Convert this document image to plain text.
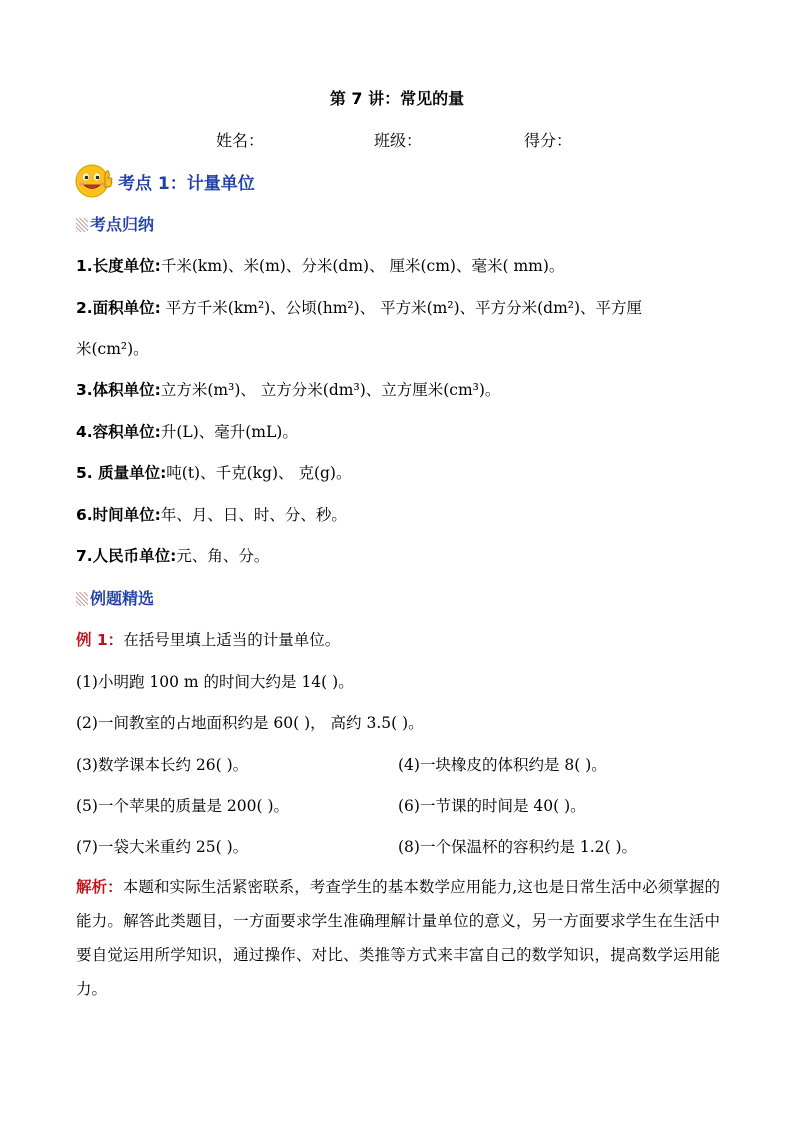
第 7 讲：常见的量
姓名：	班级：	得分：
考点 1：计量单位
考点归纳
1.长度单位:千米(km)、米(m)、分米(dm)、 厘米(cm)、毫米( mm)。
2.面积单位: 平方千米(km²)、公顷(hm²)、 平方米(m²)、平方分米(dm²)、平方厘
米(cm²)。
3.体积单位:立方米(m³)、 立方分米(dm³)、立方厘米(cm³)。
4.容积单位:升(L)、毫升(mL)。
5. 质量单位:吨(t)、千克(kg)、 克(g)。
6.时间单位:年、月、日、时、分、秒。
7.人民币单位:元、角、分。
例题精选
例 1：在括号里填上适当的计量单位。
(1)小明跑 100 m 的时间大约是 14( )。
(2)一间教室的占地面积约是 60( )， 高约 3.5( )。
(3)数学课本长约 26( )。	(4)一块橡皮的体积约是 8( )。
(5)一个苹果的质量是 200( )。	(6)一节课的时间是 40( )。
(7)一袋大米重约 25( )。	(8)一个保温杯的容积约是 1.2( )。
解析：本题和实际生活紧密联系，考查学生的基本数学应用能力,这也是日常生活中必须掌握的能力。解答此类题目，一方面要求学生准确理解计量单位的意义，另一方面要求学生在生活中要自觉运用所学知识，通过操作、对比、类推等方式来丰富自己的数学知识，提高数学运用能力。
